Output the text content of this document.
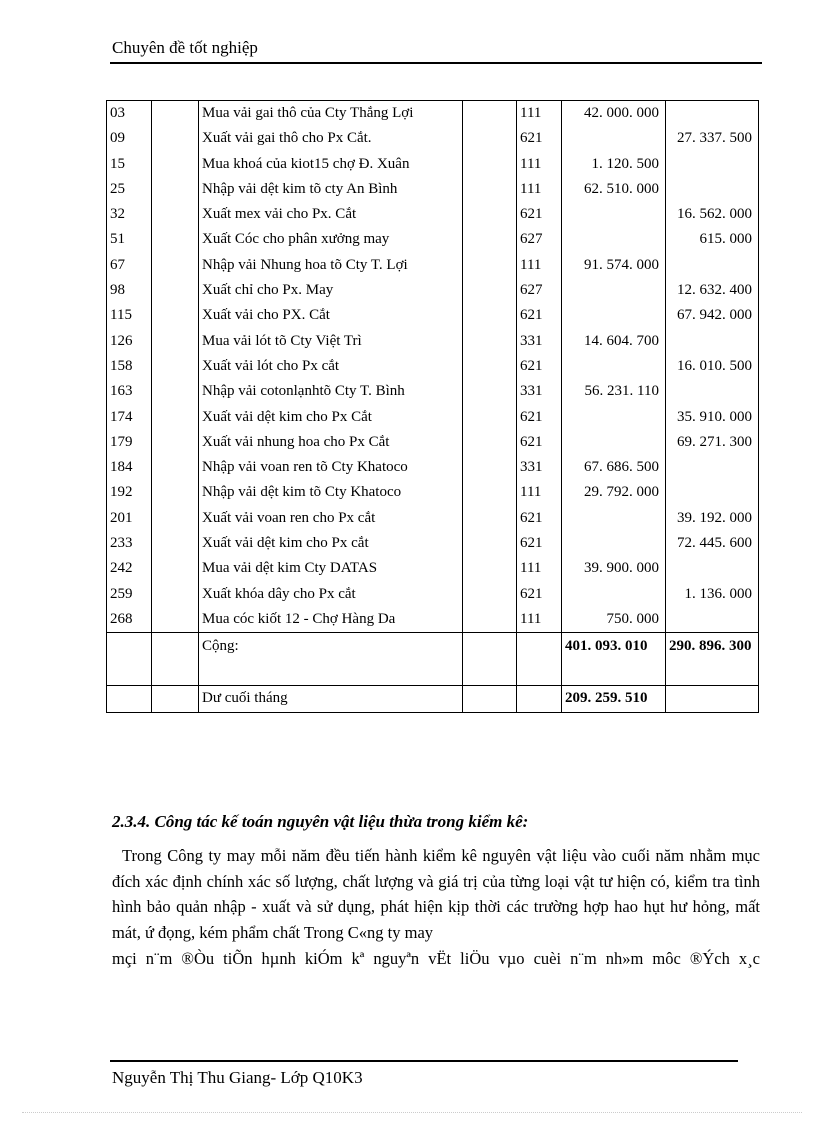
Chuyên đề tốt nghiệp
03		Mua vải gai thô của Cty Thắng Lợi		111	42. 000. 000	
09		Xuất vải gai thô cho Px Cắt.		621		27. 337. 500
15		Mua khoá của kiot15 chợ Đ. Xuân		111	1. 120. 500	
25		Nhập vải dệt kim tõ cty An Bình		111	62. 510. 000	
32		Xuất mex vải cho Px. Cắt		621		16. 562. 000
51		Xuất Cóc cho phân xưởng may		627		615. 000
67		Nhập vải Nhung hoa tõ Cty T. Lợi		111	91. 574. 000	
98		Xuất chỉ cho Px. May		627		12. 632. 400
115		Xuất vải cho PX. Cắt		621		67. 942. 000
126		Mua vải lót tõ Cty Việt Trì		331	14. 604. 700	
158		Xuất vải lót cho Px cắt		621		16. 010. 500
163		Nhập vải cotonlạnhtõ Cty T. Bình		331	56. 231. 110	
174		Xuất vải dệt kim cho Px Cắt		621		35. 910. 000
179		Xuất vải nhung hoa cho Px Cắt		621		69. 271. 300
184		Nhập vải voan ren tõ Cty Khatoco		331	67. 686. 500	
192		Nhập vải dệt kim tõ Cty Khatoco		111	29. 792. 000	
201		Xuất vải voan ren cho Px cắt		621		39. 192. 000
233		Xuất vải dệt kim cho Px cắt		621		72. 445. 600
242		Mua vải dệt kim Cty DATAS		111	39. 900. 000	
259		Xuất khóa dây cho Px cắt		621		1. 136. 000
268		Mua cóc kiốt 12 - Chợ Hàng Da		111	750. 000	
		Cộng:			401. 093. 010	290. 896. 300
		Dư cuối tháng			209. 259. 510	
2.3.4. Công tác kế toán nguyên vật liệu thừa trong kiểm kê:

Trong Công ty may mỗi năm đều tiến hành kiểm kê nguyên vật liệu vào cuối năm nhằm mục đích xác định chính xác số lượng, chất lượng và giá trị của từng loại vật tư hiện có, kiểm tra tình hình bảo quản nhập - xuất và sử dụng, phát hiện kịp thời các trường hợp hao hụt hư hỏng, mất mát, ứ đọng, kém phẩm chất Trong C«ng ty may

mçi n¨m ®Òu tiÕn hµnh kiÓm kª nguyªn vËt liÖu vµo cuèi n¨m nh»m môc ®Ých x¸c
Nguyễn Thị Thu Giang- Lớp Q10K3
